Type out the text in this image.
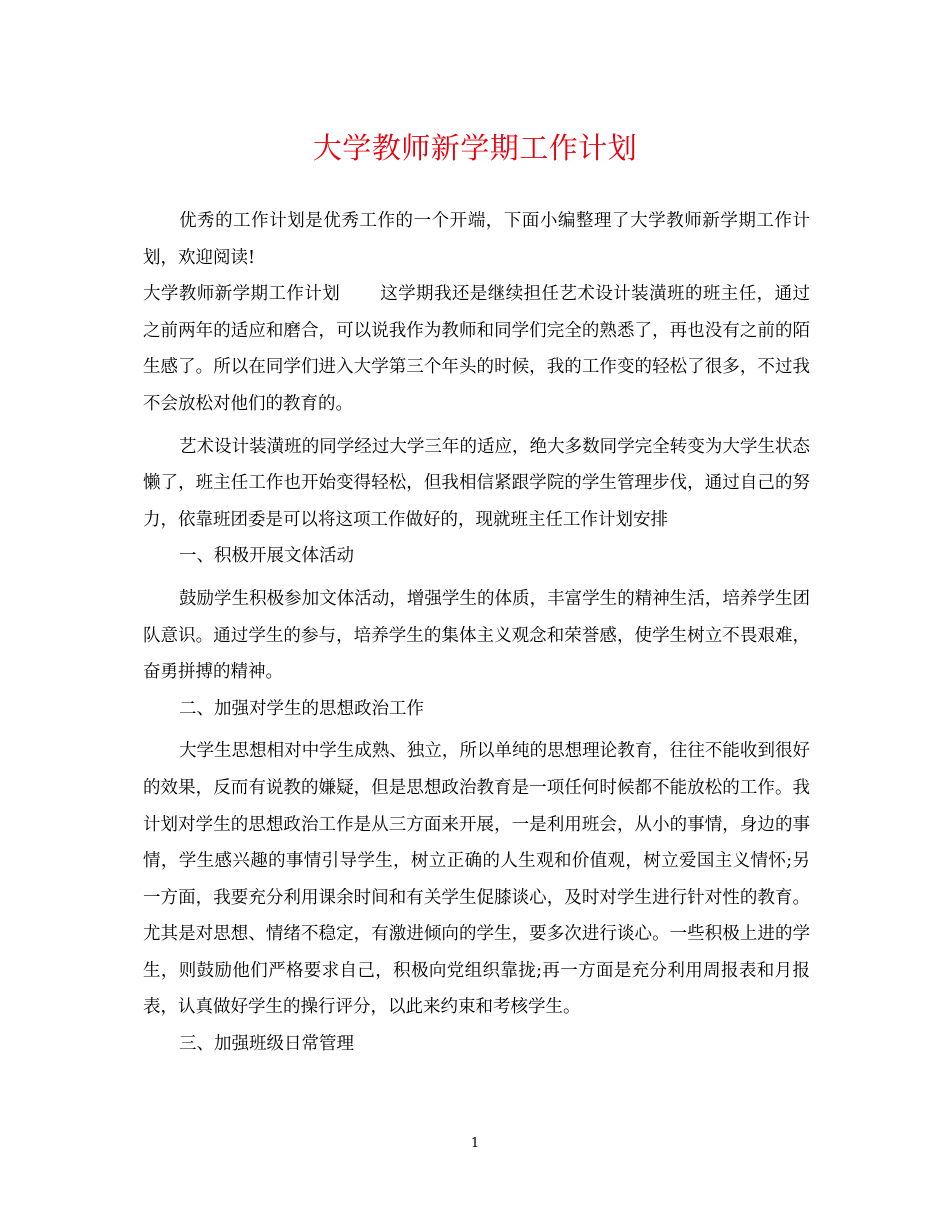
大学教师新学期工作计划

优秀的工作计划是优秀工作的一个开端，下面小编整理了大学教师新学期工作计划，欢迎阅读!

大学教师新学期工作计划 这学期我还是继续担任艺术设计装潢班的班主任，通过之前两年的适应和磨合，可以说我作为教师和同学们完全的熟悉了，再也没有之前的陌生感了。所以在同学们进入大学第三个年头的时候，我的工作变的轻松了很多，不过我不会放松对他们的教育的。

艺术设计装潢班的同学经过大学三年的适应，绝大多数同学完全转变为大学生状态懒了，班主任工作也开始变得轻松，但我相信紧跟学院的学生管理步伐，通过自己的努力，依靠班团委是可以将这项工作做好的，现就班主任工作计划安排

一、积极开展文体活动

鼓励学生积极参加文体活动，增强学生的体质，丰富学生的精神生活，培养学生团队意识。通过学生的参与，培养学生的集体主义观念和荣誉感，使学生树立不畏艰难，奋勇拼搏的精神。

二、加强对学生的思想政治工作

大学生思想相对中学生成熟、独立，所以单纯的思想理论教育，往往不能收到很好的效果，反而有说教的嫌疑，但是思想政治教育是一项任何时候都不能放松的工作。我计划对学生的思想政治工作是从三方面来开展，一是利用班会，从小的事情，身边的事情，学生感兴趣的事情引导学生，树立正确的人生观和价值观，树立爱国主义情怀;另一方面，我要充分利用课余时间和有关学生促膝谈心，及时对学生进行针对性的教育。尤其是对思想、情绪不稳定，有激进倾向的学生，要多次进行谈心。一些积极上进的学生，则鼓励他们严格要求自己，积极向党组织靠拢;再一方面是充分利用周报表和月报表，认真做好学生的操行评分，以此来约束和考核学生。

三、加强班级日常管理

1
